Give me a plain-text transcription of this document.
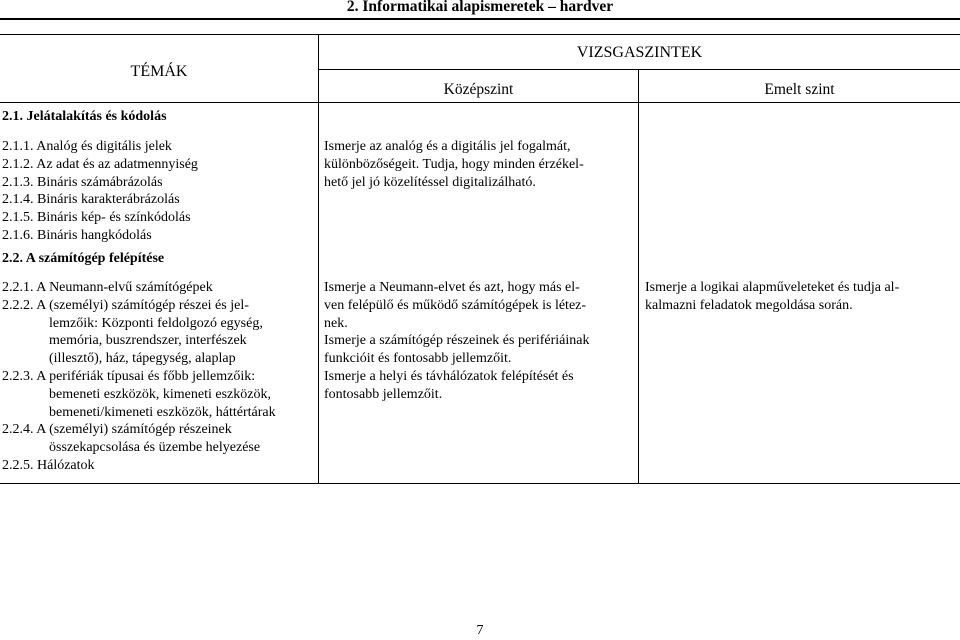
2. Informatikai alapismeretek – hardver
TÉMÁK
VIZSGASZINTEK
Középszint	Emelt szint
2.1. Jelátalakítás és kódolás
2.1.1. Analóg és digitális jelek
2.1.2. Az adat és az adatmennyiség
2.1.3. Bináris számábrázolás
2.1.4. Bináris karakterábrázolás
2.1.5. Bináris kép- és színkódolás
2.1.6. Bináris hangkódolás
Ismerje az analóg és a digitális jel fogalmát,
különbözőségeit. Tudja, hogy minden érzékel-
hető jel jó közelítéssel digitalizálható.
2.2. A számítógép felépítése
2.2.1. A Neumann-elvű számítógépek
2.2.2. A (személyi) számítógép részei és jel-
lemzőik: Központi feldolgozó egység,
memória, buszrendszer, interfészek
(illesztő), ház, tápegység, alaplap
2.2.3. A perifériák típusai és főbb jellemzőik:
bemeneti eszközök, kimeneti eszközök,
bemeneti/kimeneti eszközök, háttértárak
2.2.4. A (személyi) számítógép részeinek
összekapcsolása és üzembe helyezése
2.2.5. Hálózatok
Ismerje a Neumann-elvet és azt, hogy más el-
ven felépülő és működő számítógépek is létez-
nek.
Ismerje a számítógép részeinek és perifériáinak
funkcióit és fontosabb jellemzőit.
Ismerje a helyi és távhálózatok felépítését és
fontosabb jellemzőit.
Ismerje a logikai alapműveleteket és tudja al-
kalmazni feladatok megoldása során.
7
